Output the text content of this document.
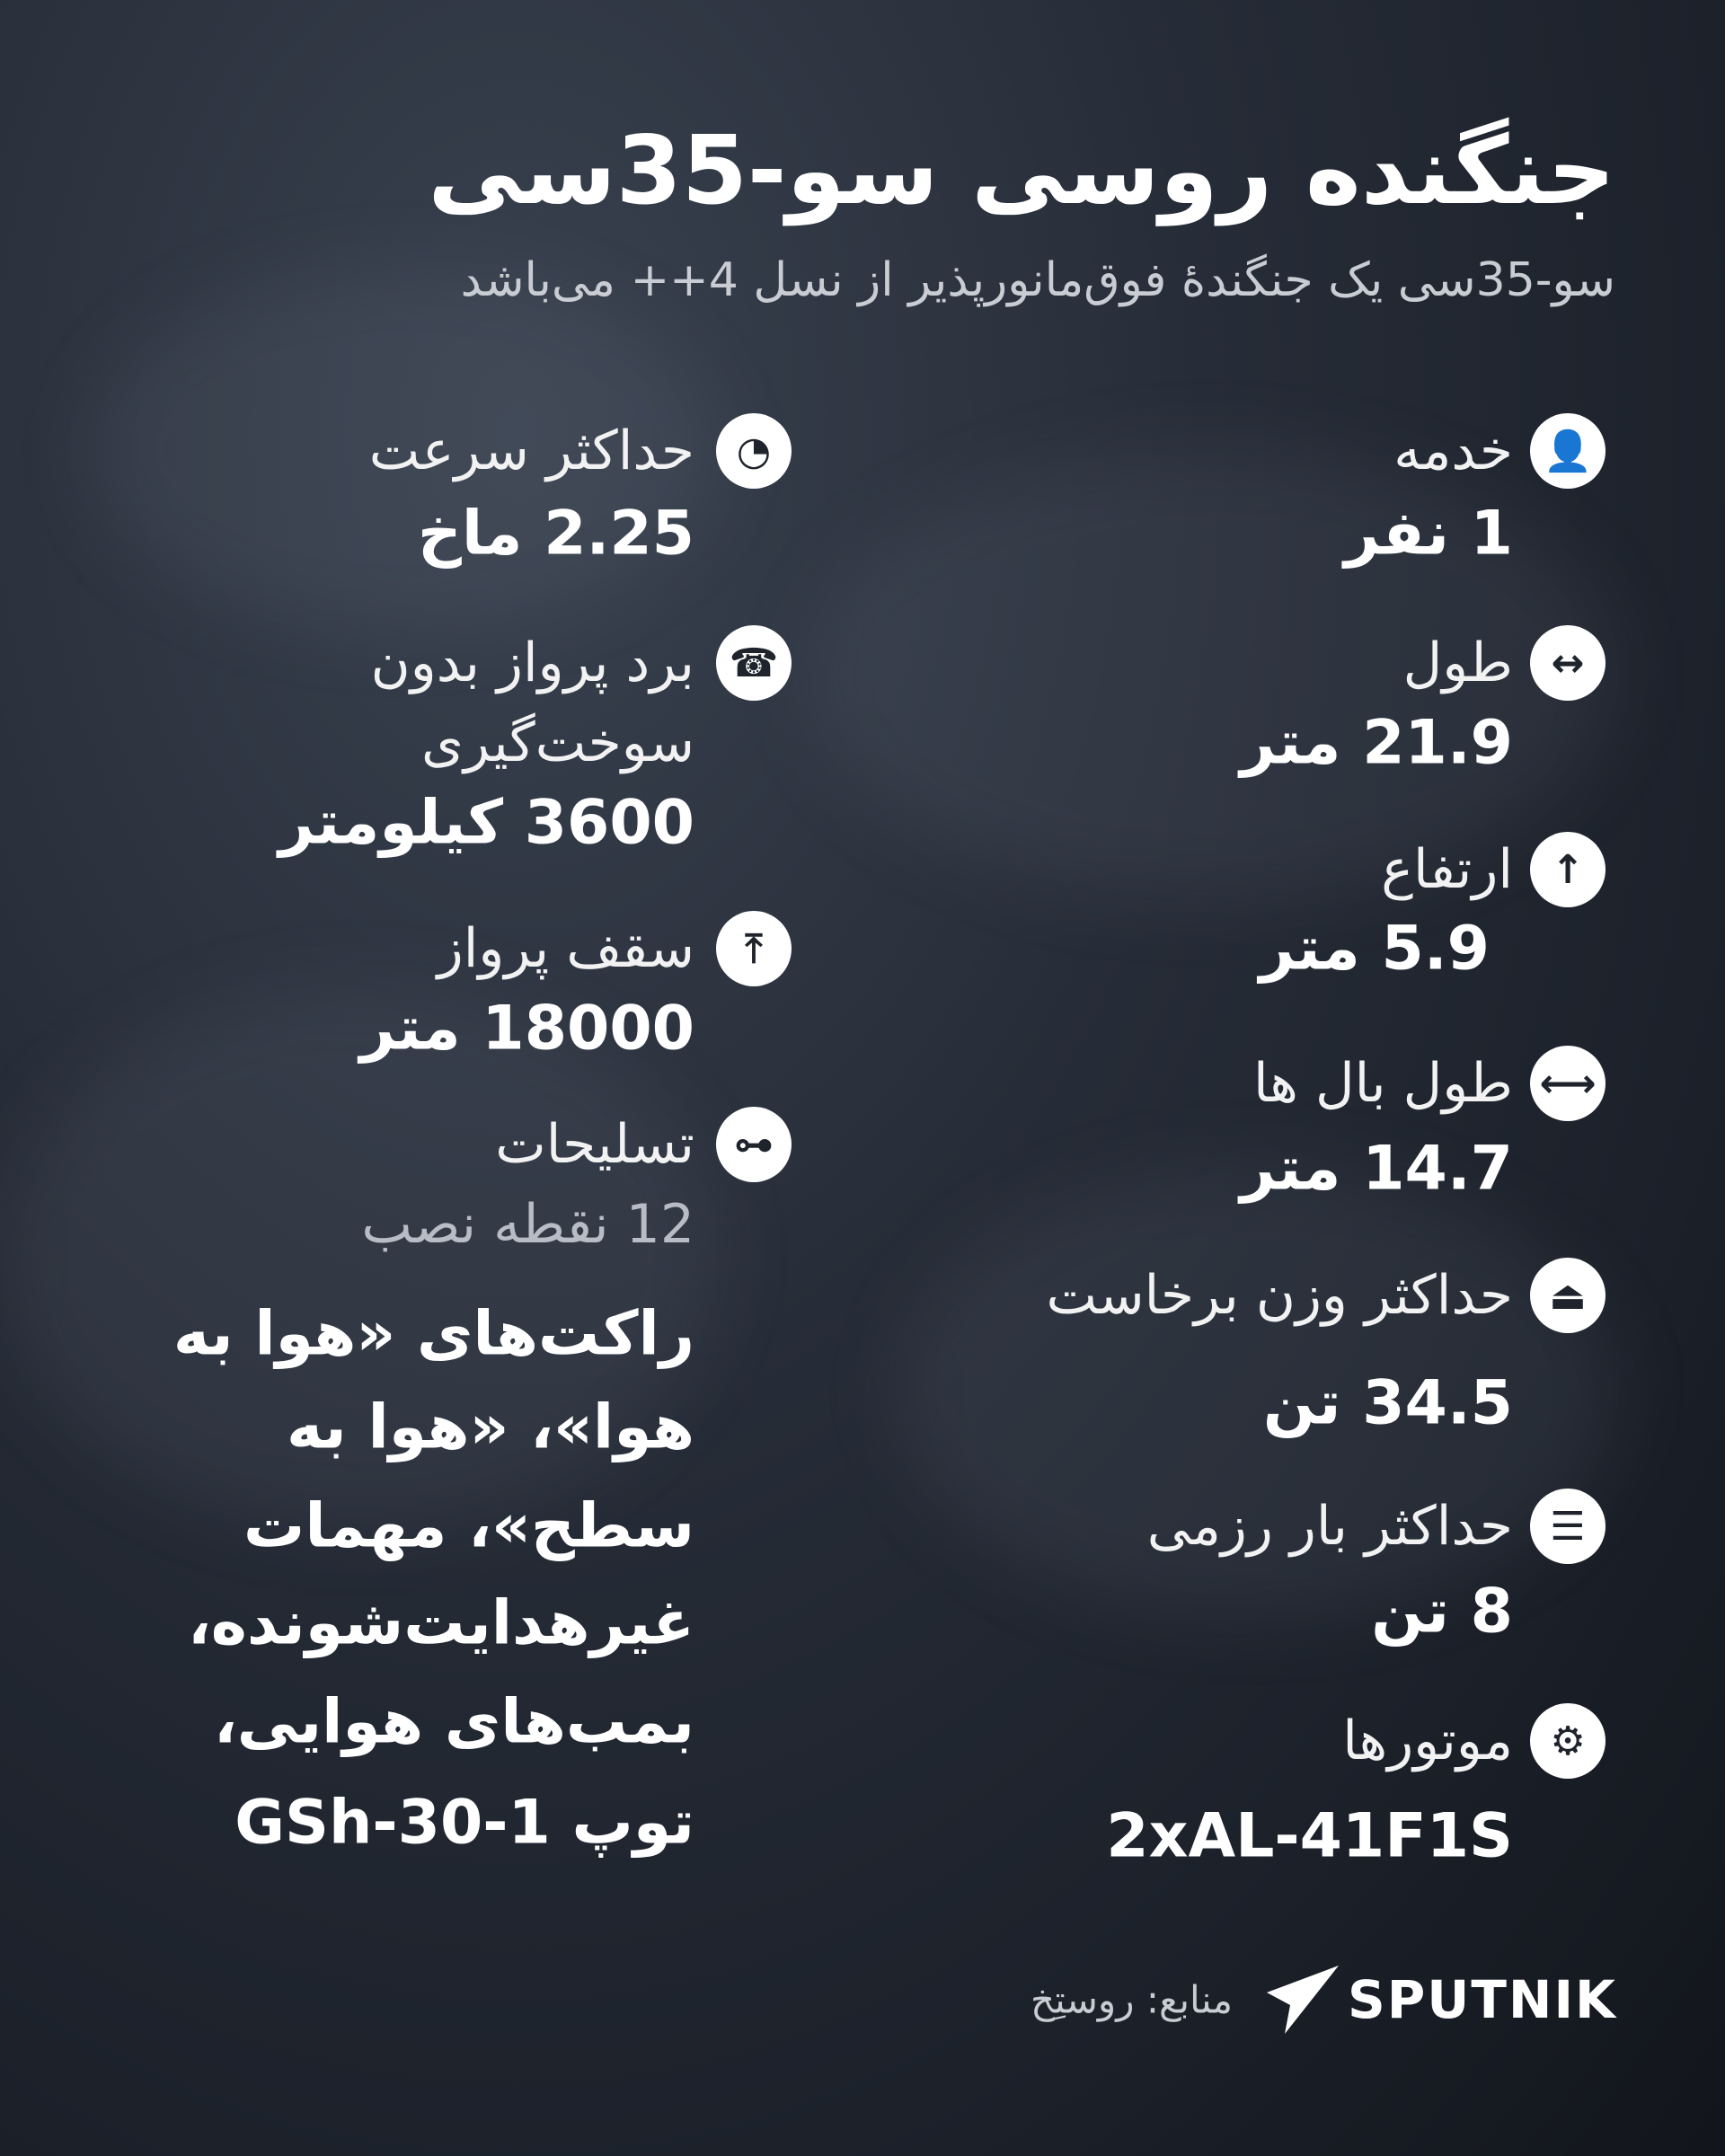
جنگنده روسی سو-35سی
سو-35سی یک جنگندۀ فوق‌مانورپذیر از نسل 4++ می‌باشد
👤
خدمه
1 نفر
↔
طول
21.9 متر
↑
ارتفاع
5.9 متر
⟷
طول بال ها
14.7 متر
⏏
حداکثر وزن برخاست
34.5 تن
☰
حداکثر بار رزمی
8 تن
⚙
موتورها
2xAL-41F1S
◔
حداکثر سرعت
2.25 ماخ
☎
برد پرواز بدون
سوخت‌گیری
3600 کیلومتر
⤒
سقف پرواز
18000 متر
⊶
تسلیحات
12 نقطه نصب
راکت‌های «هوا به
هوا»، «هوا به
سطح»، مهمات
غیرهدایت‌شونده،
بمب‌های هوایی،
توپ GSh-30-1
SPUTNIK
منابع: روستِخ
